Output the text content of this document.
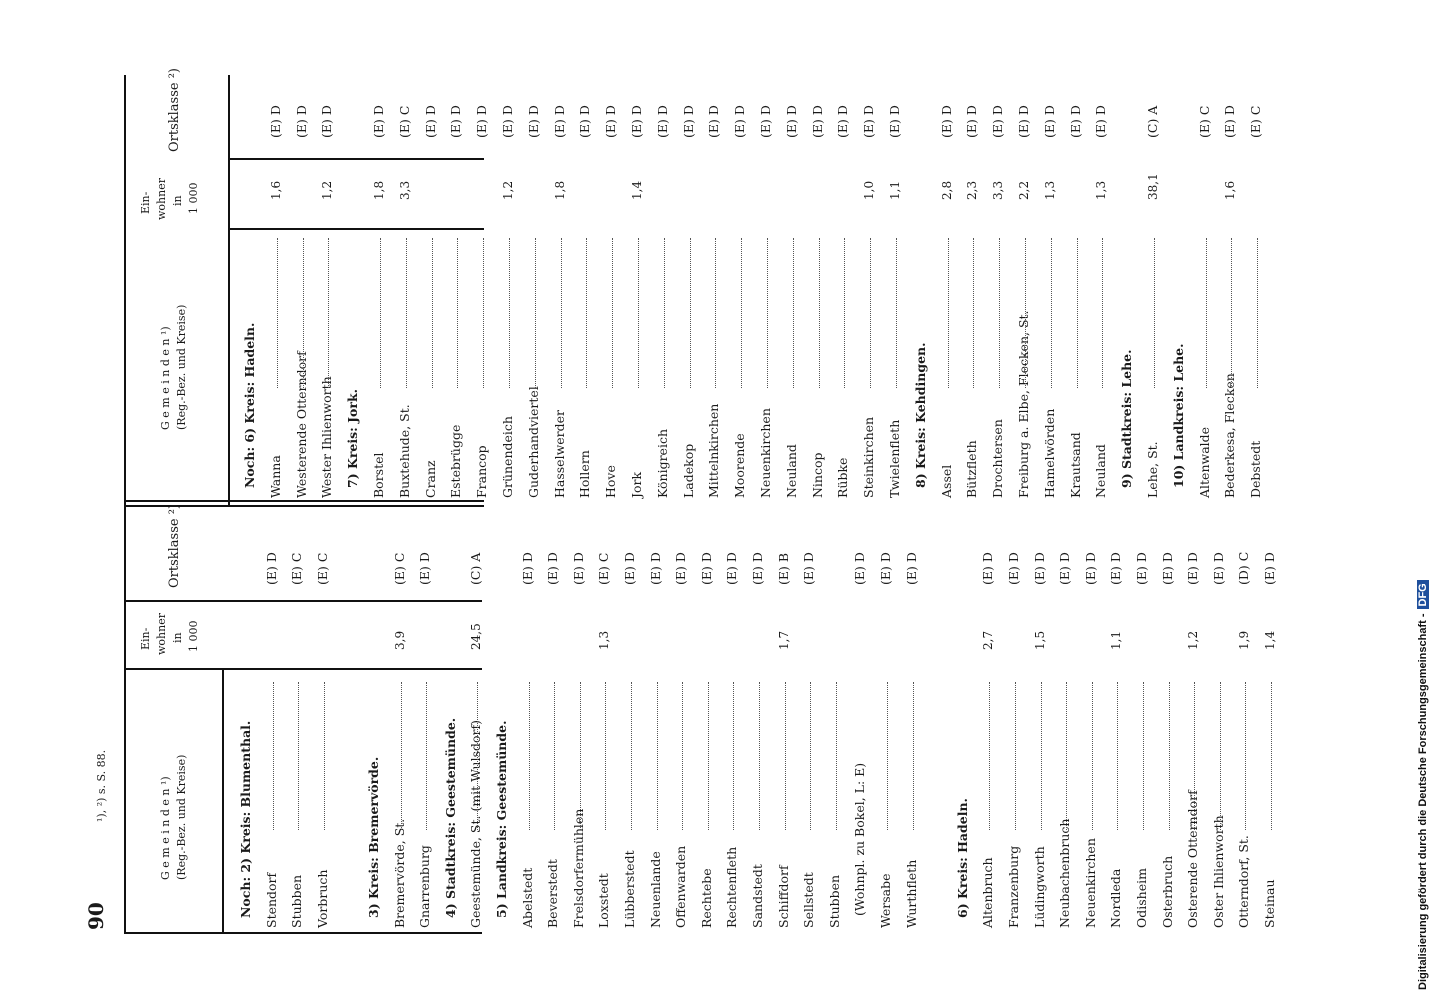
90
¹), ²) s. S. 88.	Digitalisierung gefördert durch die Deutsche Forschungsgemeinschaft -DFG
G e m e i n d e n ¹) (Reg.-Bez. und Kreise)
Ein- wohner in 1 000
Ortsklasse ²)
G e m e i n d e n ¹) (Reg.-Bez. und Kreise)
Ein- wohner in 1 000
Ortsklasse ²)
Noch: 2) Kreis: Blumenthal. Stendorf
(E) D
Stubben
(E) C
Vorbruch
(E) C
3) Kreis: Bremervörde. Bremervörde, St.
3,9
(E) C
Gnarrenburg
(E) D
4) Stadtkreis: Geestemünde. Geestemünde, St. (mit Wulsdorf)
24,5
(C) A
5) Landkreis: Geestemünde. Abelstedt
(E) D
Beverstedt
(E) D
Frelsdorfermühlen
(E) D
Loxstedt
1,3
(E) C
Lübberstedt
(E) D
Neuenlande
(E) D
Offenwarden
(E) D
Rechtebe
(E) D
Rechtenfleth
(E) D
Sandstedt
(E) D
Schiffdorf
1,7
(E) B
Sellstedt
(E) D
Stubben (Wohnpl. zu Bokel, L: E)
(E) D
Wersabe
(E) D
Wurthfleth
(E) D
6) Kreis: Hadeln. Altenbruch
2,7
(E) D
Franzenburg
(E) D
Lüdingworth
1,5
(E) D
Neubachenbruch
(E) D
Neuenkirchen
(E) D
Nordleda
1,1
(E) D
Odisheim
(E) D
Osterbruch
(E) D
Osterende Otterndorf
1,2
(E) D
Oster Ihlienworth
(E) D
Otterndorf, St.
1,9
(D) C
Steinau
1,4
(E) D
Noch: 6) Kreis: Hadeln. Wanna
1,6
(E) D
Westerende Otterndorf
(E) D
Wester Ihlienworth
1,2
(E) D
7) Kreis: Jork. Borstel
1,8
(E) D
Buxtehude, St.
3,3
(E) C
Cranz
(E) D
Estebrügge
(E) D
Francop
(E) D
Grünendeich
1,2
(E) D
Guderhandviertel
(E) D
Hasselwerder
1,8
(E) D
Hollern
(E) D
Hove
(E) D
Jork
1,4
(E) D
Königreich
(E) D
Ladekop
(E) D
Mittelnkirchen
(E) D
Moorende
(E) D
Neuenkirchen
(E) D
Neuland
(E) D
Nincop
(E) D
Rübke
(E) D
Steinkirchen
1,0
(E) D
Twielenfleth
1,1
(E) D
8) Kreis: Kehdingen. Assel
2,8
(E) D
Bützfleth
2,3
(E) D
Drochtersen
3,3
(E) D
Freiburg a. Elbe, Flecken, St.
2,2
(E) D
Hamelwörden
1,3
(E) D
Krautsand
(E) D
Neuland
1,3
(E) D
9) Stadtkreis: Lehe. Lehe, St.
38,1
(C) A
10) Landkreis: Lehe. Altenwalde
(E) C
Bederkesa, Flecken
1,6
(E) D
Debstedt
(E) C
